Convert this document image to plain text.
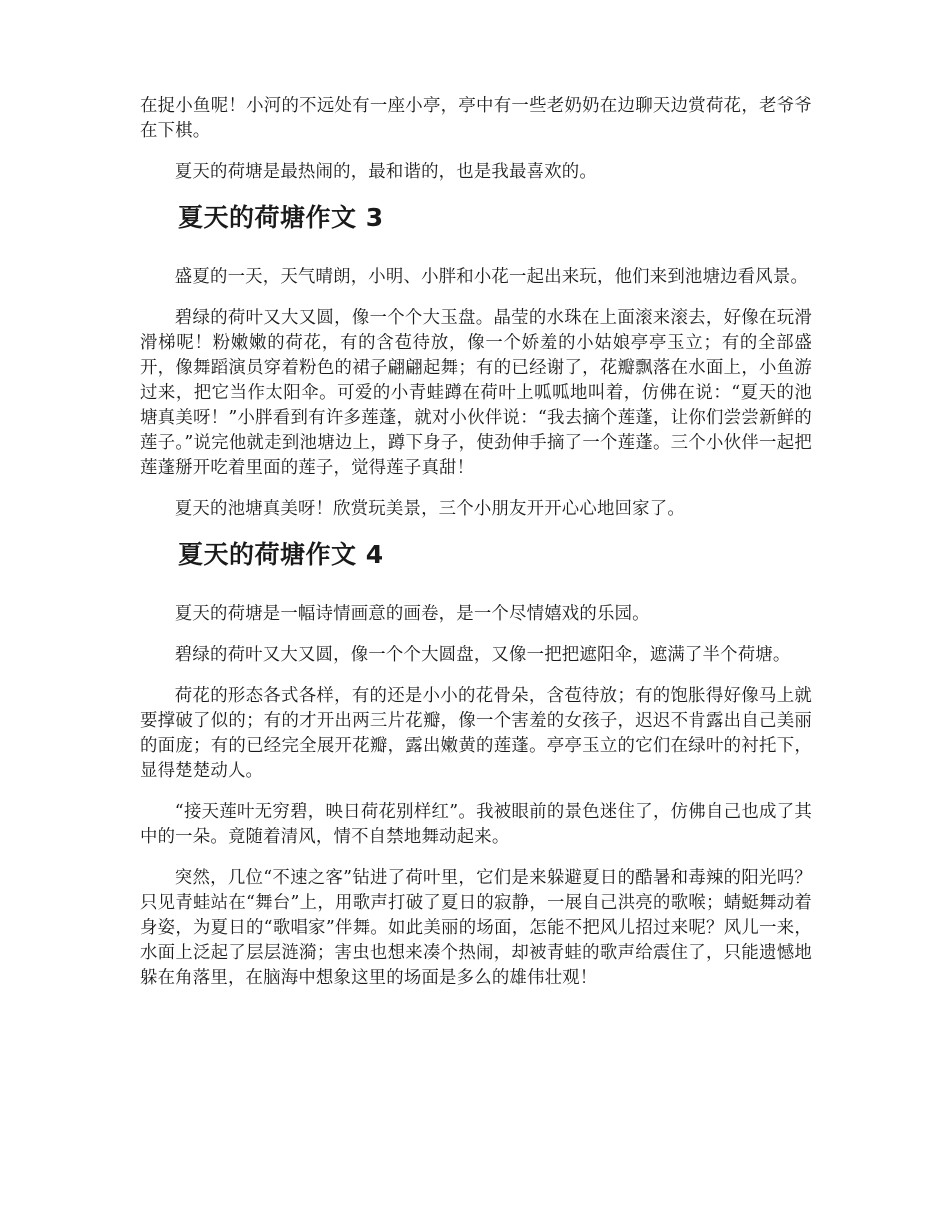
在捉小鱼呢！小河的不远处有一座小亭，亭中有一些老奶奶在边聊天边赏荷花，老爷爷在下棋。

夏天的荷塘是最热闹的，最和谐的，也是我最喜欢的。

夏天的荷塘作文 3

盛夏的一天，天气晴朗，小明、小胖和小花一起出来玩，他们来到池塘边看风景。

碧绿的荷叶又大又圆，像一个个大玉盘。晶莹的水珠在上面滚来滚去，好像在玩滑滑梯呢！粉嫩嫩的荷花，有的含苞待放，像一个娇羞的小姑娘亭亭玉立；有的全部盛开，像舞蹈演员穿着粉色的裙子翩翩起舞；有的已经谢了，花瓣飘落在水面上，小鱼游过来，把它当作太阳伞。可爱的小青蛙蹲在荷叶上呱呱地叫着，仿佛在说：“夏天的池塘真美呀！”小胖看到有许多莲蓬，就对小伙伴说：“我去摘个莲蓬，让你们尝尝新鲜的莲子。”说完他就走到池塘边上，蹲下身子，使劲伸手摘了一个莲蓬。三个小伙伴一起把莲蓬掰开吃着里面的莲子，觉得莲子真甜！

夏天的池塘真美呀！欣赏玩美景，三个小朋友开开心心地回家了。

夏天的荷塘作文 4

夏天的荷塘是一幅诗情画意的画卷，是一个尽情嬉戏的乐园。

碧绿的荷叶又大又圆，像一个个大圆盘，又像一把把遮阳伞，遮满了半个荷塘。

荷花的形态各式各样，有的还是小小的花骨朵，含苞待放；有的饱胀得好像马上就要撑破了似的；有的才开出两三片花瓣，像一个害羞的女孩子，迟迟不肯露出自己美丽的面庞；有的已经完全展开花瓣，露出嫩黄的莲蓬。亭亭玉立的它们在绿叶的衬托下，显得楚楚动人。

“接天莲叶无穷碧，映日荷花别样红”。我被眼前的景色迷住了，仿佛自己也成了其中的一朵。竟随着清风，情不自禁地舞动起来。

突然，几位“不速之客”钻进了荷叶里，它们是来躲避夏日的酷暑和毒辣的阳光吗？只见青蛙站在“舞台”上，用歌声打破了夏日的寂静，一展自己洪亮的歌喉；蜻蜓舞动着身姿，为夏日的“歌唱家”伴舞。如此美丽的场面，怎能不把风儿招过来呢？风儿一来，水面上泛起了层层涟漪；害虫也想来凑个热闹，却被青蛙的歌声给震住了，只能遗憾地躲在角落里，在脑海中想象这里的场面是多么的雄伟壮观！
